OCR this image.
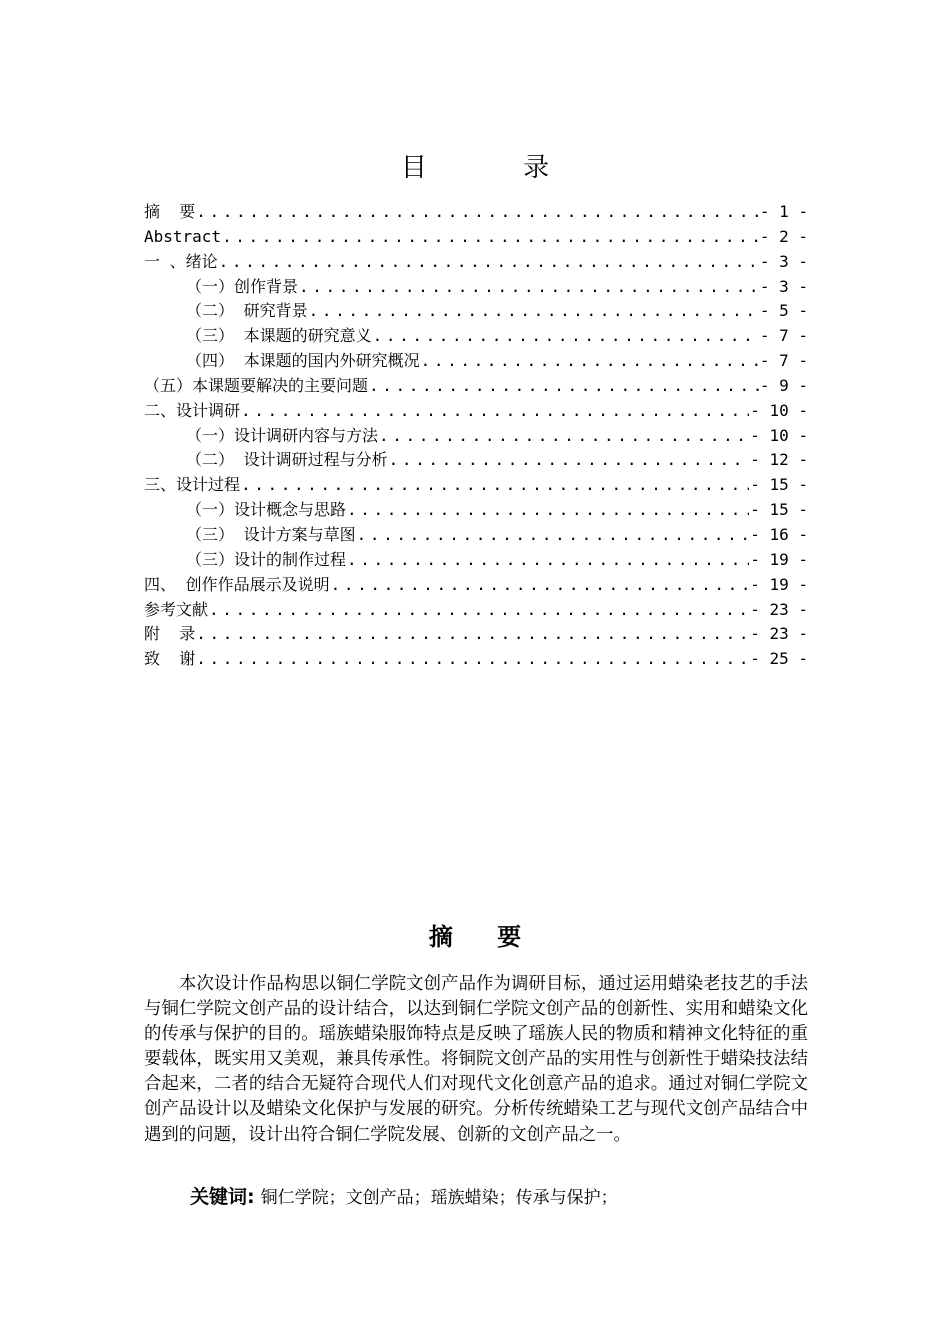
目 录
摘  要 .....	- 1 -
Abstract .....	- 2 -
一 、绪论 .....	- 3 -
（一）创作背景 .....	- 3 -
（二） 研究背景 .....	- 5 -
（三） 本课题的研究意义 .....	- 7 -
（四） 本课题的国内外研究概况 .....	- 7 -
（五）本课题要解决的主要问题 .....	- 9 -
二、设计调研 .....	- 10 -
（一）设计调研内容与方法 .....	- 10 -
（二） 设计调研过程与分析 .....	- 12 -
三、设计过程 .....	- 15 -
（一）设计概念与思路 .....	- 15 -
（三） 设计方案与草图 .....	- 16 -
（三）设计的制作过程 .....	- 19 -
四、 创作作品展示及说明 .....	- 19 -
参考文献 .....	- 23 -
附  录 .....	- 23 -
致  谢 .....	- 25 -
摘 要

本次设计作品构思以铜仁学院文创产品作为调研目标，通过运用蜡染老技艺的手法与铜仁学院文创产品的设计结合，以达到铜仁学院文创产品的创新性、实用和蜡染文化的传承与保护的目的。瑶族蜡染服饰特点是反映了瑶族人民的物质和精神文化特征的重要载体，既实用又美观，兼具传承性。将铜院文创产品的实用性与创新性于蜡染技法结合起来，二者的结合无疑符合现代人们对现代文化创意产品的追求。通过对铜仁学院文创产品设计以及蜡染文化保护与发展的研究。分析传统蜡染工艺与现代文创产品结合中遇到的问题，设计出符合铜仁学院发展、创新的文创产品之一。

关键词: 铜仁学院；文创产品；瑶族蜡染；传承与保护；
